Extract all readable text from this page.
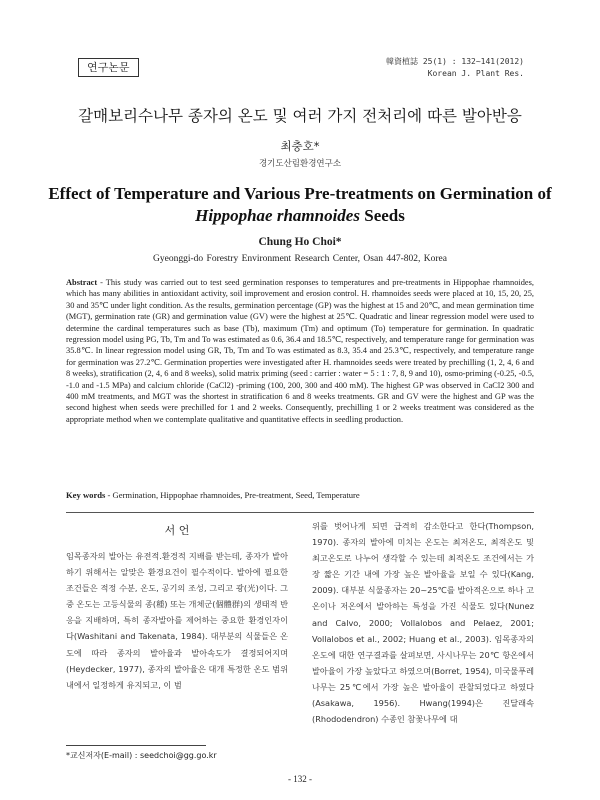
연구논문	韓資植誌 25(1) : 132~141(2012)
Korean J. Plant Res.
갈매보리수나무 종자의 온도 및 여러 가지 전처리에 따른 발아반응
최충호*
경기도산림환경연구소
Effect of Temperature and Various Pre-treatments on Germination of
Hippophae rhamnoides Seeds
Chung Ho Choi*
Gyeonggi-do Forestry Environment Research Center, Osan 447-802, Korea
Abstract - This study was carried out to test seed germination responses to temperatures and pre-treatments in Hippophae rhamnoides, which has many abilities in antioxidant activity, soil improvement and erosion control. H. rhamnoides seeds were placed at 10, 15, 20, 25, 30 and 35℃ under light condition. As the results, germination percentage (GP) was the highest at 15 and 20℃, and mean germination time (MGT), germination rate (GR) and germination value (GV) were the highest at 25℃. Quadratic and linear regression model were used to determine the cardinal temperatures such as base (Tb), maximum (Tm) and optimum (To) temperature for germination. In quadratic regression model using PG, Tb, Tm and To was estimated as 0.6, 36.4 and 18.5℃, respectively, and temperature range for germination was 35.8℃. In linear regression model using GR, Tb, Tm and To was estimated as 8.3, 35.4 and 25.3℃, respectively, and temperature range for germination was 27.2℃. Germination properties were investigated after H. rhamnoides seeds were treated by prechilling (1, 2, 4, 6 and 8 weeks), stratification (2, 4, 6 and 8 weeks), solid matrix priming (seed : carrier : water = 5 : 1 : 7, 8, 9 and 10), osmo-priming (-0.25, -0.5, -1.0 and -1.5 MPa) and calcium chloride (CaCl2) -priming (100, 200, 300 and 400 mM). The highest GP was observed in CaCl2 300 and 400 mM treatments, and MGT was the shortest in stratification 6 and 8 weeks treatments. GR and GV were the highest and GP was the second highest when seeds were prechilled for 1 and 2 weeks. Consequently, prechilling 1 or 2 weeks treatment was considered as the appropriate method when we contemplate qualitative and quantitative effects in seedling production.
Key words - Germination, Hippophae rhamnoides, Pre-treatment, Seed, Temperature
서 언
임목종자의 발아는 유전적․환경적 지배를 받는데, 종자가 발아하기 위해서는 알맞은 환경요건이 필수적이다. 발아에 필요한 조건들은 적정 수분, 온도, 공기의 조성, 그리고 광(光)이다. 그 중 온도는 고등식물의 종(種) 또는 개체군(個體群)의 생태적 반응을 지배하며, 특히 종자발아를 제어하는 중요한 환경인자이다(Washitani and Takenata, 1984). 대부분의 식물들은 온도에 따라 종자의 발아율과 발아속도가 결정되어지며(Heydecker, 1977), 종자의 발아율은 대개 특정한 온도 범위내에서 일정하게 유지되고, 이 범
위를 벗어나게 되면 급격히 감소한다고 한다(Thompson, 1970). 종자의 발아에 미치는 온도는 최저온도, 최적온도 및 최고온도로 나누어 생각할 수 있는데 최적온도 조건에서는 가장 짧은 기간 내에 가장 높은 발아율을 보일 수 있다(Kang, 2009). 대부분 식물종자는 20~25℃를 발아적온으로 하나 고온이나 저온에서 발아하는 특성을 가진 식물도 있다(Nunez and Calvo, 2000; Vollalobos and Pelaez, 2001; Vollalobos et al., 2002; Huang et al., 2003). 임목종자의 온도에 대한 연구결과를 살펴보면, 사시나무는 20℃ 항온에서 발아율이 가장 높았다고 하였으며(Borret, 1954), 미국물푸레나무는 25℃에서 가장 높은 발아율이 관찰되었다고 하였다(Asakawa, 1956). Hwang(1994)은 진달래속(Rhododendron) 수종인 참꽃나무에 대
*교신저자(E-mail) : seedchoi@gg.go.kr
- 132 -
